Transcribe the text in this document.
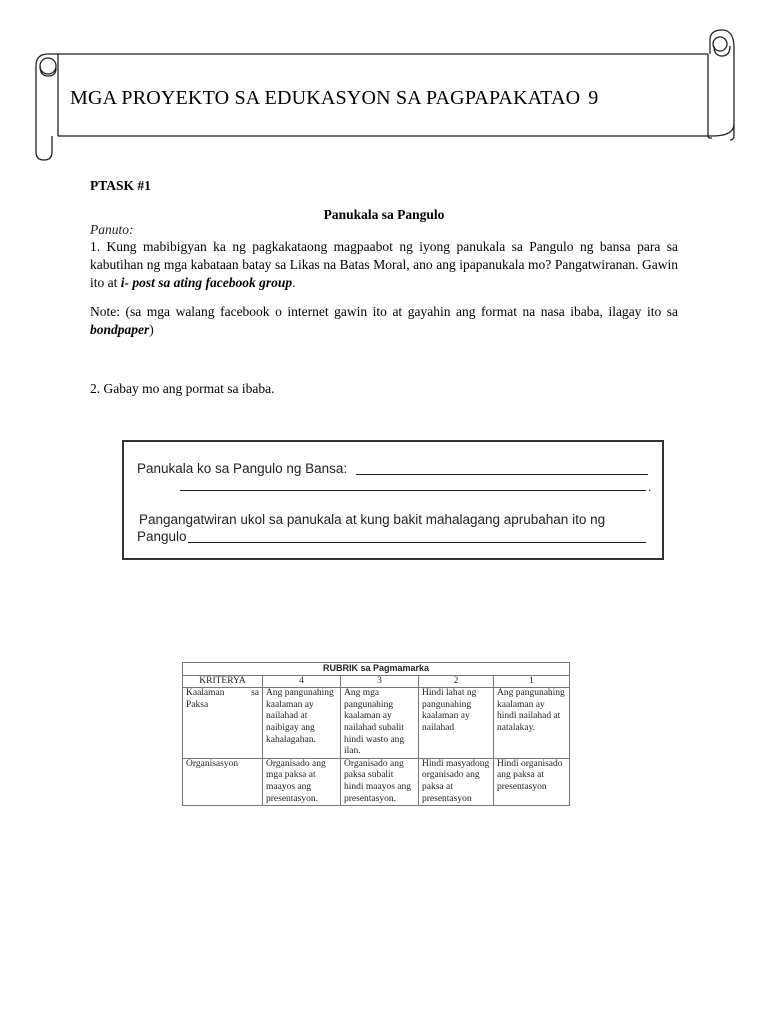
MGA PROYEKTO SA EDUKASYON SA PAGPAPAKATAO 9
PTASK #1
Panukala sa Pangulo
Panuto:
1. Kung mabibigyan ka ng pagkakataong magpaabot ng iyong panukala sa Pangulo ng bansa para sa kabutihan ng mga kabataan batay sa Likas na Batas Moral, ano ang ipapanukala mo? Pangatwiranan. Gawin ito at i- post sa ating facebook group.
Note: (sa mga walang facebook o internet gawin ito at gayahin ang format na nasa ibaba, ilagay ito sa bondpaper)
2. Gabay mo ang pormat sa ibaba.
Panukala ko sa Pangulo ng Bansa:
.
Pangangatwiran ukol sa panukala at kung bakit mahalagang aprubahan ito ng
Pangulo
RUBRIK sa Pagmamarka				
KRITERYA	4	3	2	1
Kaalaman sa Paksa	Ang pangunahing kaalaman ay nailahad at naibigay ang kahalagahan.	Ang mga pangunahing kaalaman ay nailahad subalit hindi wasto ang ilan.	Hindi lahat ng pangunahing kaalaman ay nailahad	Ang pangunahing kaalaman ay hindi nailahad at natalakay.
Organisasyon	Organisado ang mga paksa at maayos ang presentasyon.	Organisado ang paksa subalit hindi maayos ang presentasyon.	Hindi masyadong organisado ang paksa at presentasyon	Hindi organisado ang paksa at presentasyon
